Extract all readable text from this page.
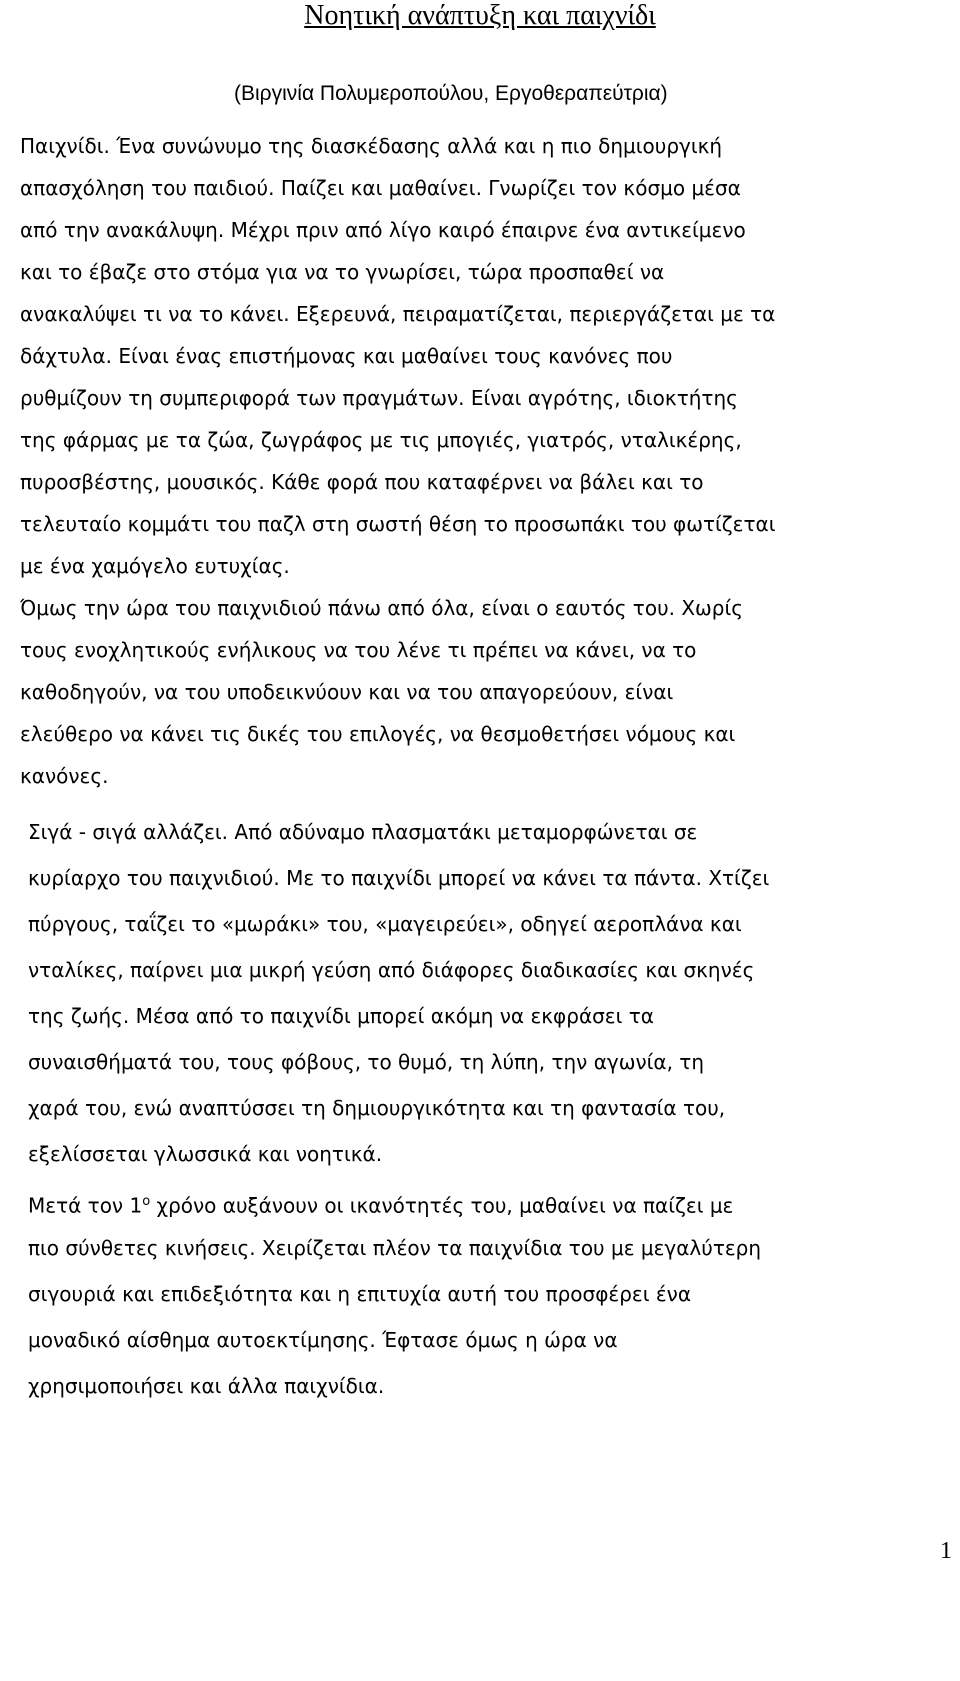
Νοητική ανάπτυξη και παιχνίδι
(Βιργινία Πολυμεροπούλου, Εργοθεραπεύτρια)
Παιχνίδι. Ένα συνώνυμο της διασκέδασης αλλά και η πιο δημιουργική
απασχόληση του παιδιού. Παίζει και μαθαίνει. Γνωρίζει τον κόσμο μέσα
από την ανακάλυψη. Μέχρι πριν από λίγο καιρό έπαιρνε ένα αντικείμενο
και το έβαζε στο στόμα για να το γνωρίσει, τώρα προσπαθεί να
ανακαλύψει τι να το κάνει. Εξερευνά, πειραματίζεται, περιεργάζεται με τα
δάχτυλα. Είναι ένας επιστήμονας και μαθαίνει τους κανόνες που
ρυθμίζουν τη συμπεριφορά των πραγμάτων. Είναι αγρότης, ιδιοκτήτης
της φάρμας με τα ζώα, ζωγράφος με τις μπογιές, γιατρός, νταλικέρης,
πυροσβέστης, μουσικός. Κάθε φορά που καταφέρνει να βάλει και το
τελευταίο κομμάτι του παζλ στη σωστή θέση το προσωπάκι του φωτίζεται
με ένα χαμόγελο ευτυχίας.
Όμως την ώρα του παιχνιδιού πάνω από όλα, είναι ο εαυτός του. Χωρίς
τους ενοχλητικούς ενήλικους να του λένε τι πρέπει να κάνει, να το
καθοδηγούν, να του υποδεικνύουν και να του απαγορεύουν, είναι
ελεύθερο να κάνει τις δικές του επιλογές, να θεσμοθετήσει νόμους και
κανόνες.
Σιγά - σιγά αλλάζει. Από αδύναμο πλασματάκι μεταμορφώνεται σε
κυρίαρχο του παιχνιδιού. Με το παιχνίδι μπορεί να κάνει τα πάντα. Χτίζει
πύργους, ταΐζει το «μωράκι» του, «μαγειρεύει», οδηγεί αεροπλάνα και
νταλίκες, παίρνει μια μικρή γεύση από διάφορες διαδικασίες και σκηνές
της ζωής. Μέσα από το παιχνίδι μπορεί ακόμη να εκφράσει τα
συναισθήματά του, τους φόβους, το θυμό, τη λύπη, την αγωνία, τη
χαρά του, ενώ αναπτύσσει τη δημιουργικότητα και τη φαντασία του,
εξελίσσεται γλωσσικά και νοητικά.
Μετά τον $1^o$ χρόνο αυξάνουν οι ικανότητές του, μαθαίνει να παίζει με
πιο σύνθετες κινήσεις. Χειρίζεται πλέον τα παιχνίδια του με μεγαλύτερη
σιγουριά και επιδεξιότητα και η επιτυχία αυτή του προσφέρει ένα
μοναδικό αίσθημα αυτοεκτίμησης. Έφτασε όμως η ώρα να
χρησιμοποιήσει και άλλα παιχνίδια.
1
